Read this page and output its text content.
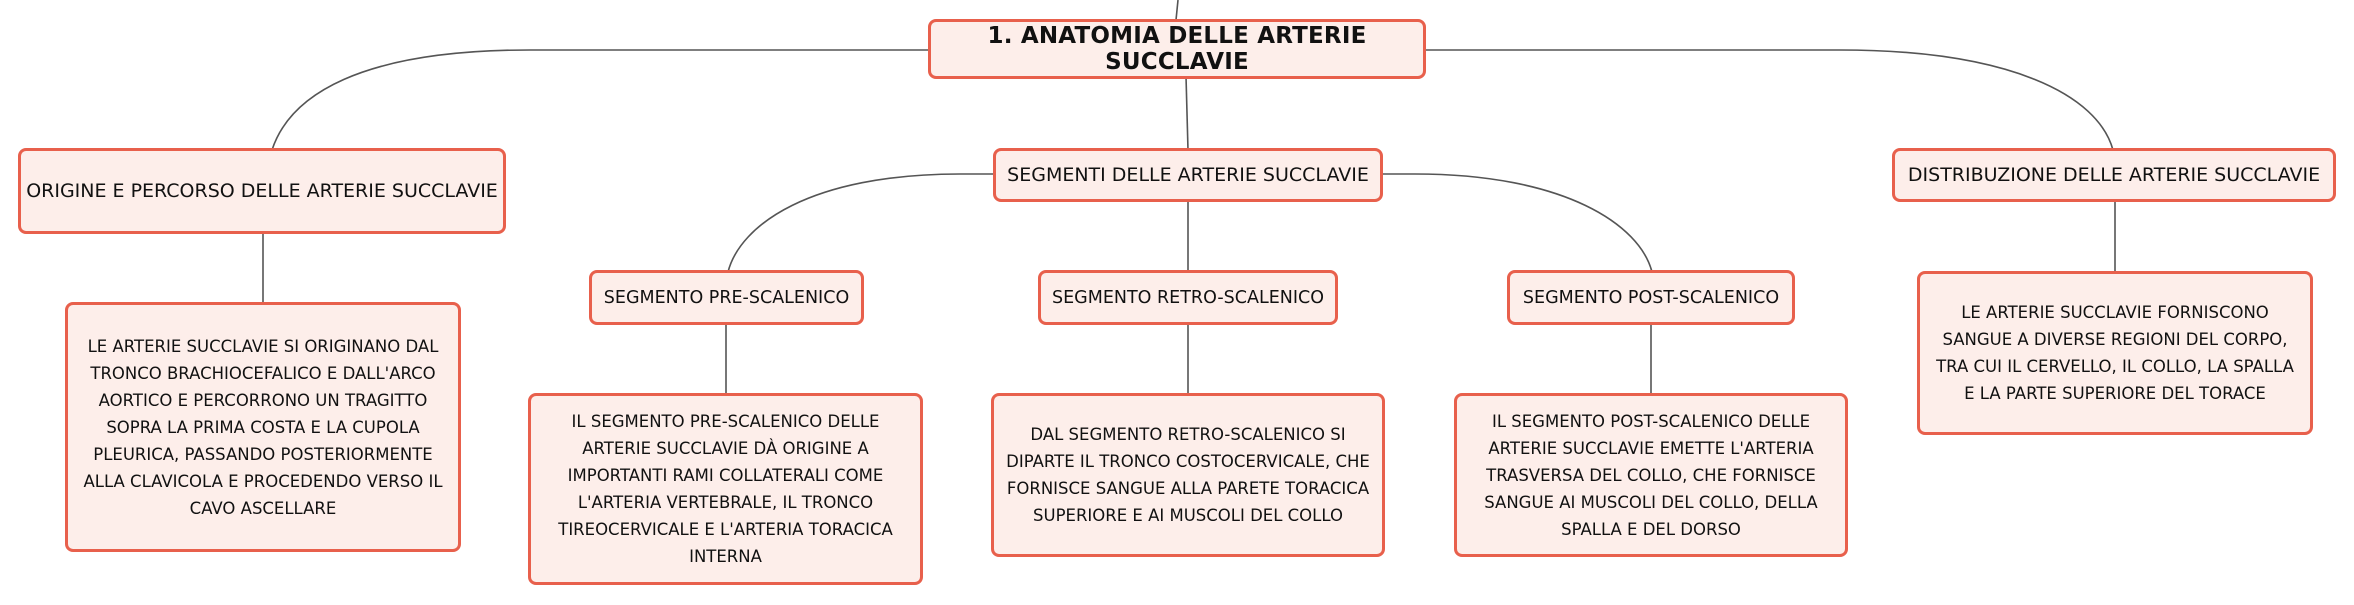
1. ANATOMIA DELLE ARTERIE SUCCLAVIE
ORIGINE E PERCORSO DELLE ARTERIE SUCCLAVIE
LE ARTERIE SUCCLAVIE SI ORIGINANO DAL TRONCO BRACHIOCEFALICO E DALL'ARCO AORTICO E PERCORRONO UN TRAGITTO SOPRA LA PRIMA COSTA E LA CUPOLA PLEURICA, PASSANDO POSTERIORMENTE ALLA CLAVICOLA E PROCEDENDO VERSO IL CAVO ASCELLARE
SEGMENTI DELLE ARTERIE SUCCLAVIE
SEGMENTO PRE-SCALENICO
IL SEGMENTO PRE-SCALENICO DELLE ARTERIE SUCCLAVIE DÀ ORIGINE A IMPORTANTI RAMI COLLATERALI COME L'ARTERIA VERTEBRALE, IL TRONCO TIREOCERVICALE E L'ARTERIA TORACICA INTERNA
SEGMENTO RETRO-SCALENICO
DAL SEGMENTO RETRO-SCALENICO SI DIPARTE IL TRONCO COSTOCERVICALE, CHE FORNISCE SANGUE ALLA PARETE TORACICA SUPERIORE E AI MUSCOLI DEL COLLO
SEGMENTO POST-SCALENICO
IL SEGMENTO POST-SCALENICO DELLE ARTERIE SUCCLAVIE EMETTE L'ARTERIA TRASVERSA DEL COLLO, CHE FORNISCE SANGUE AI MUSCOLI DEL COLLO, DELLA SPALLA E DEL DORSO
DISTRIBUZIONE DELLE ARTERIE SUCCLAVIE
LE ARTERIE SUCCLAVIE FORNISCONO SANGUE A DIVERSE REGIONI DEL CORPO, TRA CUI IL CERVELLO, IL COLLO, LA SPALLA E LA PARTE SUPERIORE DEL TORACE
